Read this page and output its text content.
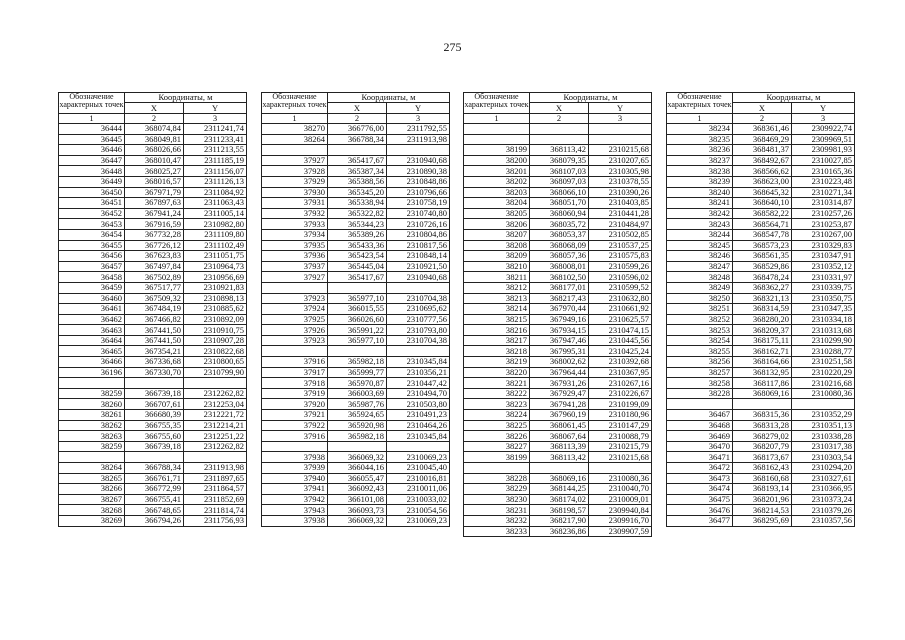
275
Обозначение характерных точек	Координаты, м	
	X	Y
1	2	3
36444	368074,84	2311241,74
36445	368049,81	2311233,41
36446	368026,66	2311213,55
36447	368010,47	2311185,19
36448	368025,27	2311156,07
36449	368016,57	2311126,13
36450	367971,79	2311084,92
36451	367897,63	2311063,43
36452	367941,24	2311005,14
36453	367916,59	2310982,80
36454	367732,28	2311109,80
36455	367726,12	2311102,49
36456	367623,83	2311051,75
36457	367497,84	2310964,73
36458	367502,89	2310956,69
36459	367517,77	2310921,83
36460	367509,32	2310898,13
36461	367484,19	2310885,62
36462	367466,82	2310892,09
36463	367441,50	2310910,75
36464	367441,50	2310907,28
36465	367354,21	2310822,68
36466	367336,68	2310800,65
36196	367330,70	2310799,90

38259	366739,18	2312262,82
38260	366707,61	2312253,04
38261	366680,39	2312221,72
38262	366755,35	2312214,21
38263	366755,60	2312251,22
38259	366739,18	2312262,82

38264	366788,34	2311913,98
38265	366761,71	2311897,65
38266	366772,99	2311864,57
38267	366755,41	2311852,69
38268	366748,65	2311814,74
38269	366794,26	2311756,93
Обозначение характерных точек	Координаты, м	
	X	Y
1	2	3
38270	366776,00	2311792,55
38264	366788,34	2311913,98

37927	365417,67	2310940,68
37928	365387,34	2310890,38
37929	365388,56	2310848,86
37930	365345,20	2310796,66
37931	365338,94	2310758,19
37932	365322,82	2310740,80
37933	365344,23	2310726,16
37934	365389,26	2310804,86
37935	365433,36	2310817,56
37936	365423,54	2310848,14
37937	365445,04	2310921,50
37927	365417,67	2310940,68

37923	365977,10	2310704,38
37924	366015,55	2310695,62
37925	366026,60	2310777,56
37926	365991,22	2310793,80
37923	365977,10	2310704,38

37916	365982,18	2310345,84
37917	365999,77	2310356,21
37918	365970,87	2310447,42
37919	366003,69	2310494,70
37920	365987,76	2310503,80
37921	365924,65	2310491,23
37922	365920,98	2310464,26
37916	365982,18	2310345,84

37938	366069,32	2310069,23
37939	366044,16	2310045,40
37940	366055,47	2310016,81
37941	366092,43	2310011,06
37942	366101,08	2310033,02
37943	366093,73	2310054,56
37938	366069,32	2310069,23
Обозначение характерных точек	Координаты, м	
	X	Y
1	2	3

38199	368113,42	2310215,68
38200	368079,35	2310207,65
38201	368107,03	2310305,98
38202	368097,03	2310378,55
38203	368066,10	2310390,26
38204	368051,70	2310403,85
38205	368060,94	2310441,28
38206	368035,72	2310484,97
38207	368053,37	2310502,85
38208	368068,09	2310537,25
38209	368057,36	2310575,83
38210	368008,01	2310599,26
38211	368102,50	2310596,02
38212	368177,01	2310599,52
38213	368217,43	2310632,80
38214	367970,44	2310661,92
38215	367949,16	2310625,57
38216	367934,15	2310474,15
38217	367947,46	2310445,56
38218	367995,31	2310425,24
38219	368002,62	2310392,68
38220	367964,44	2310367,95
38221	367931,26	2310267,16
38222	367929,47	2310226,67
38223	367941,28	2310199,09
38224	367960,19	2310180,96
38225	368061,45	2310147,29
38226	368067,64	2310088,79
38227	368113,39	2310215,79
38199	368113,42	2310215,68

38228	368069,16	2310080,36
38229	368144,25	2310040,70
38230	368174,02	2310009,01
38231	368198,57	2309940,84
38232	368217,90	2309916,70
38233	368236,86	2309907,59
Обозначение характерных точек	Координаты, м	
	X	Y
1	2	3
38234	368361,46	2309922,74
38235	368469,29	2309969,51
38236	368481,37	2309981,93
38237	368492,67	2310027,85
38238	368566,62	2310165,36
38239	368623,00	2310223,48
38240	368645,32	2310271,34
38241	368640,10	2310314,87
38242	368582,22	2310257,26
38243	368564,71	2310253,87
38244	368547,78	2310267,00
38245	368573,23	2310329,83
38246	368561,35	2310347,91
38247	368529,86	2310352,12
38248	368478,24	2310331,97
38249	368362,27	2310339,75
38250	368321,13	2310350,75
38251	368314,59	2310347,35
38252	368280,20	2310334,18
38253	368209,37	2310313,68
38254	368175,11	2310299,90
38255	368162,71	2310288,77
38256	368164,66	2310251,58
38257	368132,95	2310220,29
38258	368117,86	2310216,68
38228	368069,16	2310080,36

36467	368315,36	2310352,29
36468	368313,28	2310351,13
36469	368279,02	2310338,28
36470	368207,79	2310317,38
36471	368173,67	2310303,54
36472	368162,43	2310294,20
36473	368160,68	2310327,61
36474	368193,14	2310366,95
36475	368201,96	2310373,24
36476	368214,53	2310379,26
36477	368295,69	2310357,56
